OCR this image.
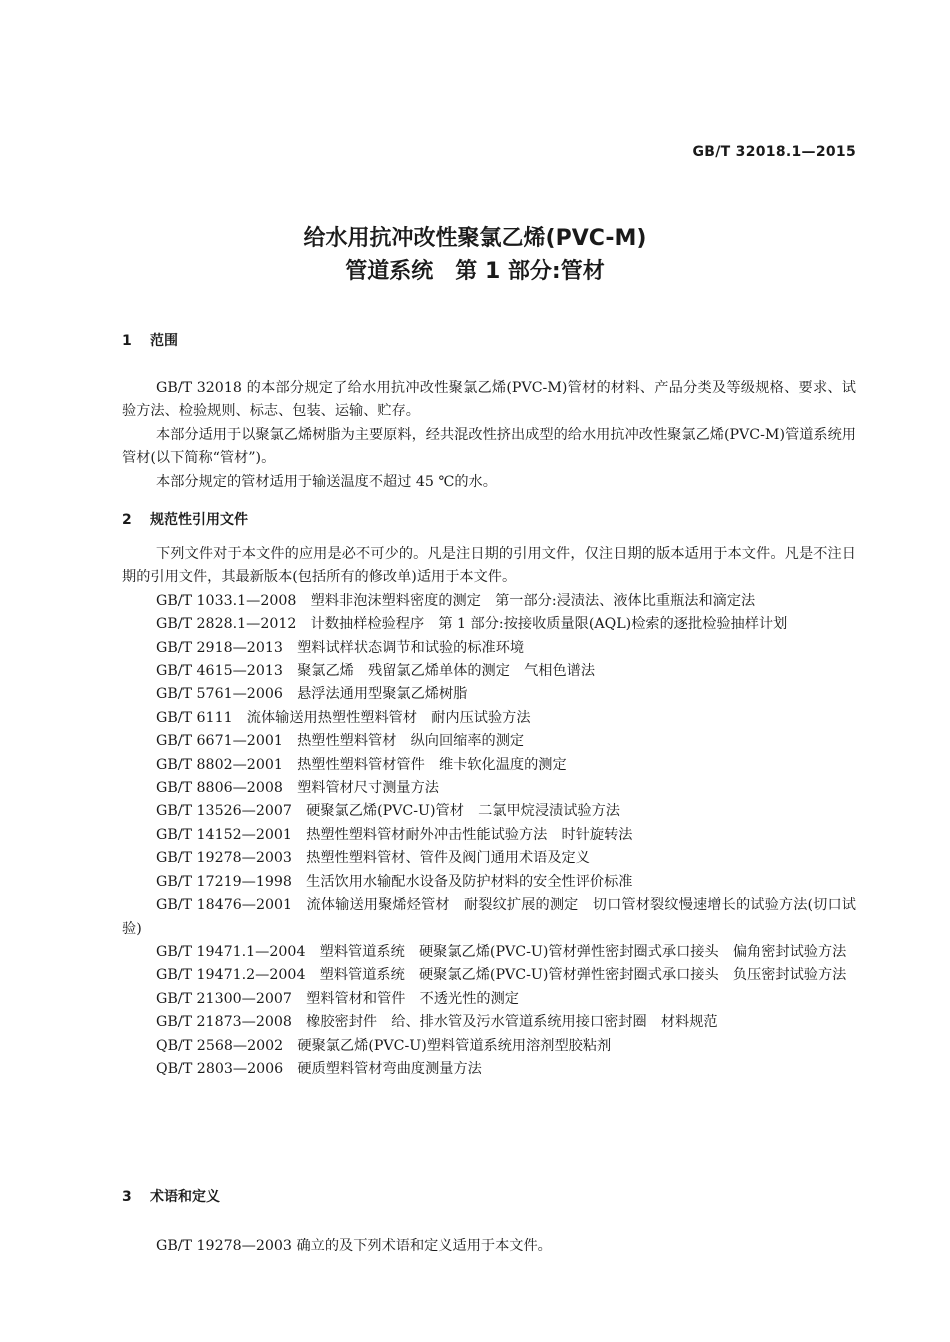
GB/T 32018.1—2015
给水用抗冲改性聚氯乙烯(PVC-M)
管道系统　第 1 部分:管材
1 范围

GB/T 32018 的本部分规定了给水用抗冲改性聚氯乙烯(PVC-M)管材的材料、产品分类及等级规格、要求、试验方法、检验规则、标志、包装、运输、贮存。

本部分适用于以聚氯乙烯树脂为主要原料，经共混改性挤出成型的给水用抗冲改性聚氯乙烯(PVC-M)管道系统用管材(以下简称“管材”)。

本部分规定的管材适用于输送温度不超过 45 ℃的水。

2 规范性引用文件

下列文件对于本文件的应用是必不可少的。凡是注日期的引用文件，仅注日期的版本适用于本文件。凡是不注日期的引用文件，其最新版本(包括所有的修改单)适用于本文件。

GB/T 1033.1—2008　塑料非泡沫塑料密度的测定　第一部分:浸渍法、液体比重瓶法和滴定法

GB/T 2828.1—2012　计数抽样检验程序　第 1 部分:按接收质量限(AQL)检索的逐批检验抽样计划

GB/T 2918—2013　塑料试样状态调节和试验的标准环境

GB/T 4615—2013　聚氯乙烯　残留氯乙烯单体的测定　气相色谱法

GB/T 5761—2006　悬浮法通用型聚氯乙烯树脂

GB/T 6111　流体输送用热塑性塑料管材　耐内压试验方法

GB/T 6671—2001　热塑性塑料管材　纵向回缩率的测定

GB/T 8802—2001　热塑性塑料管材管件　维卡软化温度的测定

GB/T 8806—2008　塑料管材尺寸测量方法

GB/T 13526—2007　硬聚氯乙烯(PVC-U)管材　二氯甲烷浸渍试验方法

GB/T 14152—2001　热塑性塑料管材耐外冲击性能试验方法　时针旋转法

GB/T 19278—2003　热塑性塑料管材、管件及阀门通用术语及定义

GB/T 17219—1998　生活饮用水输配水设备及防护材料的安全性评价标准

GB/T 18476—2001　流体输送用聚烯烃管材　耐裂纹扩展的测定　切口管材裂纹慢速增长的试验方法(切口试验)

GB/T 19471.1—2004　塑料管道系统　硬聚氯乙烯(PVC-U)管材弹性密封圈式承口接头　偏角密封试验方法

GB/T 19471.2—2004　塑料管道系统　硬聚氯乙烯(PVC-U)管材弹性密封圈式承口接头　负压密封试验方法

GB/T 21300—2007　塑料管材和管件　不透光性的测定

GB/T 21873—2008　橡胶密封件　给、排水管及污水管道系统用接口密封圈　材料规范

QB/T 2568—2002　硬聚氯乙烯(PVC-U)塑料管道系统用溶剂型胶粘剂

QB/T 2803—2006　硬质塑料管材弯曲度测量方法

3 术语和定义

GB/T 19278—2003 确立的及下列术语和定义适用于本文件。
